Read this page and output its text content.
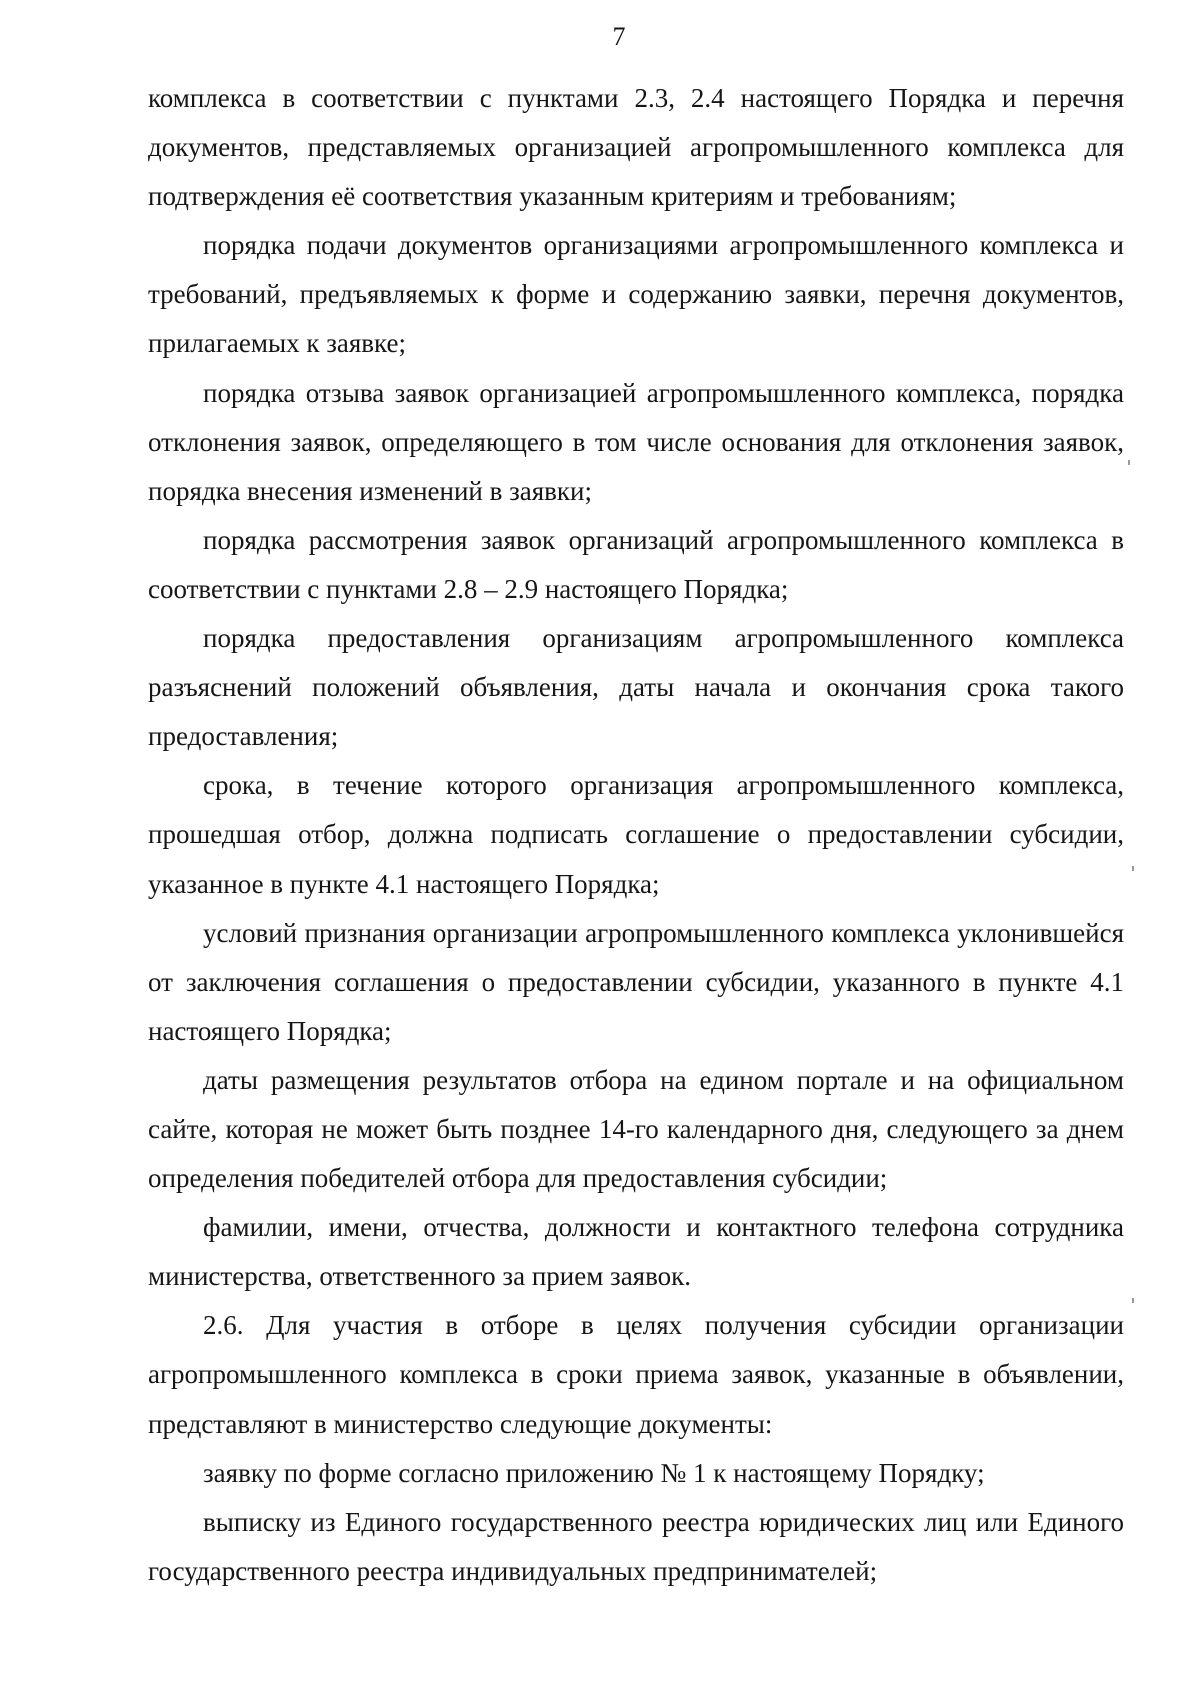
7

комплекса в соответствии с пунктами 2.3, 2.4 настоящего Порядка и перечня документов, представляемых организацией агропромышленного комплекса для подтверждения её соответствия указанным критериям и требованиям;

порядка подачи документов организациями агропромышленного комплекса и требований, предъявляемых к форме и содержанию заявки, перечня документов, прилагаемых к заявке;

порядка отзыва заявок организацией агропромышленного комплекса, порядка отклонения заявок, определяющего в том числе основания для отклонения заявок, порядка внесения изменений в заявки;

порядка рассмотрения заявок организаций агропромышленного комплекса в соответствии с пунктами 2.8 – 2.9 настоящего Порядка;

порядка предоставления организациям агропромышленного комплекса разъяснений положений объявления, даты начала и окончания срока такого предоставления;

срока, в течение которого организация агропромышленного комплекса, прошедшая отбор, должна подписать соглашение о предоставлении субсидии, указанное в пункте 4.1 настоящего Порядка;

условий признания организации агропромышленного комплекса уклонившейся от заключения соглашения о предоставлении субсидии, указанного в пункте 4.1 настоящего Порядка;

даты размещения результатов отбора на едином портале и на официальном сайте, которая не может быть позднее 14-го календарного дня, следующего за днем определения победителей отбора для предоставления субсидии;

фамилии, имени, отчества, должности и контактного телефона сотрудника министерства, ответственного за прием заявок.

2.6. Для участия в отборе в целях получения субсидии организации агропромышленного комплекса в сроки приема заявок, указанные в объявлении, представляют в министерство следующие документы:

заявку по форме согласно приложению № 1 к настоящему Порядку;

выписку из Единого государственного реестра юридических лиц или Единого государственного реестра индивидуальных предпринимателей;
